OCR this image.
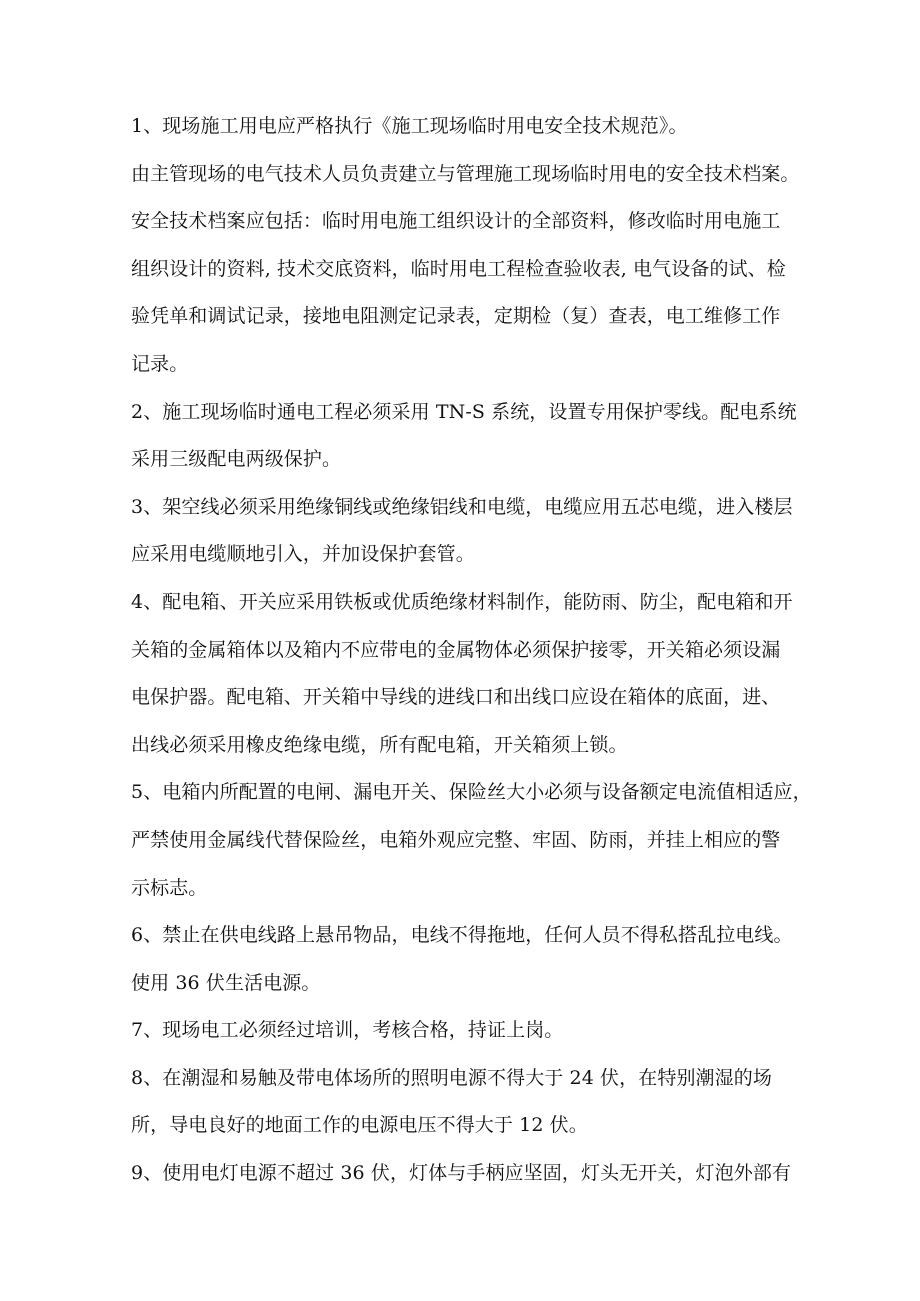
1、现场施工用电应严格执行《施工现场临时用电安全技术规范》。
由主管现场的电气技术人员负责建立与管理施工现场临时用电的安全技术档案。
安全技术档案应包括：临时用电施工组织设计的全部资料，修改临时用电施工
组织设计的资料, 技术交底资料，临时用电工程检查验收表, 电气设备的试、检
验凭单和调试记录，接地电阻测定记录表，定期检（复）查表，电工维修工作
记录。
2、施工现场临时通电工程必须采用 TN-S 系统，设置专用保护零线。配电系统
采用三级配电两级保护。
3、架空线必须采用绝缘铜线或绝缘铝线和电缆，电缆应用五芯电缆，进入楼层
应采用电缆顺地引入，并加设保护套管。
4、配电箱、开关应采用铁板或优质绝缘材料制作，能防雨、防尘，配电箱和开
关箱的金属箱体以及箱内不应带电的金属物体必须保护接零，开关箱必须设漏
电保护器。配电箱、开关箱中导线的进线口和出线口应设在箱体的底面，进、
出线必须采用橡皮绝缘电缆，所有配电箱，开关箱须上锁。
5、电箱内所配置的电闸、漏电开关、保险丝大小必须与设备额定电流值相适应，
严禁使用金属线代替保险丝，电箱外观应完整、牢固、防雨，并挂上相应的警
示标志。
6、禁止在供电线路上悬吊物品，电线不得拖地，任何人员不得私搭乱拉电线。
使用 36 伏生活电源。
7、现场电工必须经过培训，考核合格，持证上岗。
8、在潮湿和易触及带电体场所的照明电源不得大于 24 伏，在特别潮湿的场
所，导电良好的地面工作的电源电压不得大于 12 伏。
9、使用电灯电源不超过 36 伏，灯体与手柄应坚固，灯头无开关，灯泡外部有
